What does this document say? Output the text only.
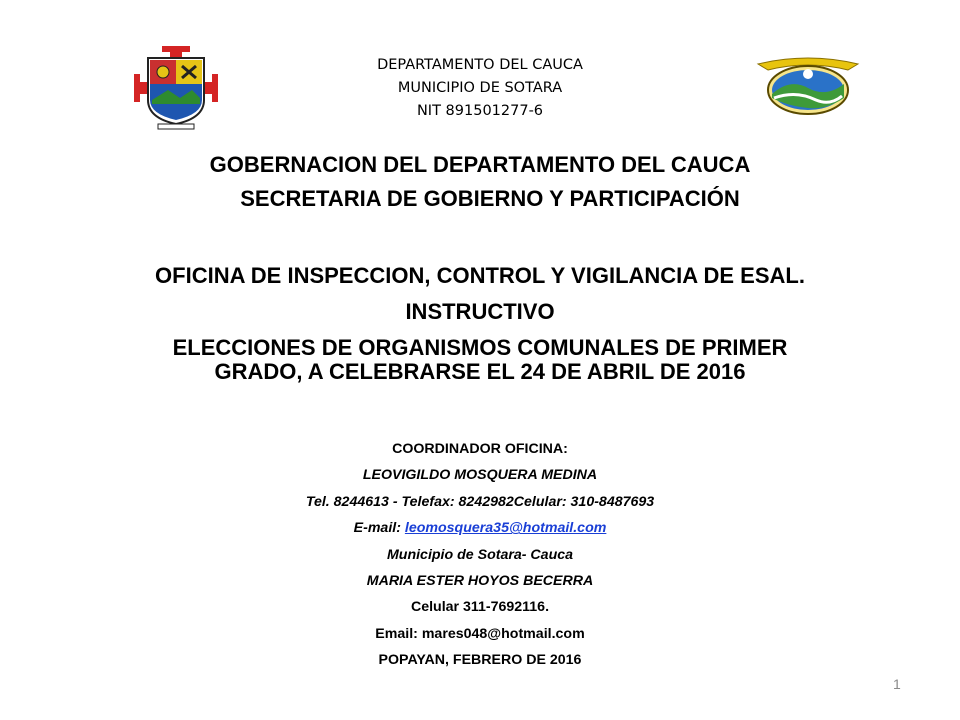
DEPARTAMENTO DEL CAUCA
MUNICIPIO DE SOTARA
NIT 891501277-6
GOBERNACION DEL DEPARTAMENTO DEL CAUCA
SECRETARIA DE GOBIERNO Y PARTICIPACIÓN
OFICINA DE INSPECCION, CONTROL Y VIGILANCIA DE ESAL.
INSTRUCTIVO
ELECCIONES DE ORGANISMOS COMUNALES DE PRIMER
GRADO, A CELEBRARSE EL 24 DE ABRIL DE 2016
COORDINADOR OFICINA:
LEOVIGILDO MOSQUERA MEDINA
Tel. 8244613 - Telefax: 8242982Celular: 310-8487693
E-mail: leomosquera35@hotmail.com
Municipio de Sotara- Cauca
MARIA ESTER HOYOS BECERRA
Celular 311-7692116.
Email: mares048@hotmail.com
POPAYAN, FEBRERO DE 2016
1
